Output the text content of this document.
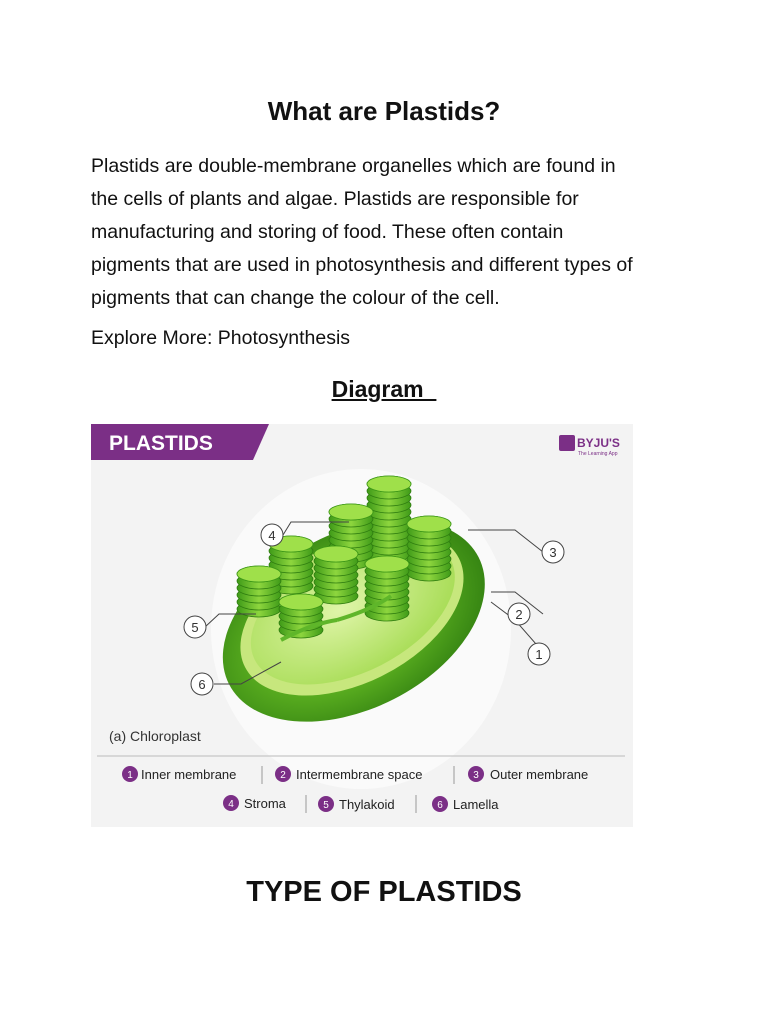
What are Plastids?

Plastids are double-membrane organelles which are found in
the cells of plants and algae. Plastids are responsible for
manufacturing and storing of food. These often contain
pigments that are used in photosynthesis and different types of
pigments that can change the colour of the cell.

Explore More: Photosynthesis

Diagram
PLASTIDS	BYJU'S
The Learning App
4
3
2
1
5
6
(a) Chloroplast
1 Inner membrane	2 Intermembrane space	3 Outer membrane
4 Stroma	5 Thylakoid	6 Lamella
TYPE OF PLASTIDS
